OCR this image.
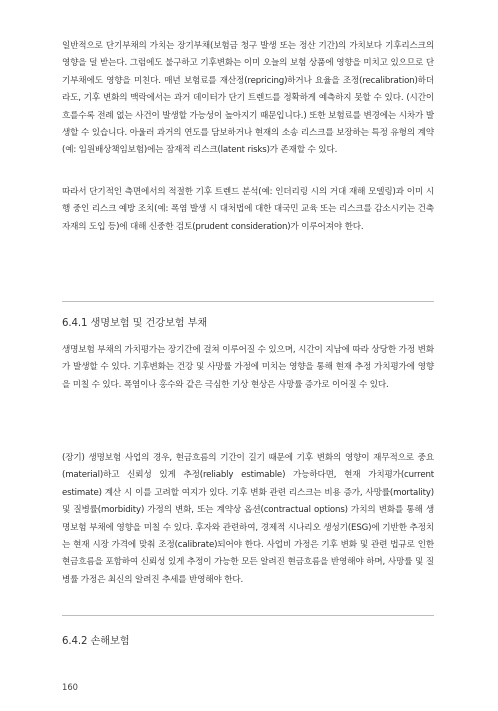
일반적으로 단기부채의 가치는 장기부채(보험금 청구 발생 또는 정산 기간)의 가치보다 기후리스크의 영향을 덜 받는다. 그럼에도 불구하고 기후변화는 이미 오늘의 보험 상품에 영향을 미치고 있으므로 단기부채에도 영향을 미친다. 매년 보험료를 재산정(repricing)하거나 요율을 조정(recalibration)하더라도, 기후 변화의 맥락에서는 과거 데이터가 단기 트렌드를 정확하게 예측하지 못할 수 있다. (시간이 흐를수록 전례 없는 사건이 발생할 가능성이 높아지기 때문입니다.) 또한 보험료를 변경에는 시차가 발생할 수 있습니다. 아울러 과거의 연도를 담보하거나 현재의 소송 리스크를 보장하는 특정 유형의 계약(예: 임원배상책임보험)에는 잠재적 리스크(latent risks)가 존재할 수 있다.

따라서 단기적인 측면에서의 적절한 기후 트렌드 분석(예: 인더리링 시의 거대 재해 모델링)과 이미 시행 중인 리스크 예방 조치(예: 폭염 발생 시 대처법에 대한 대국민 교육 또는 리스크를 감소시키는 건축 자재의 도입 등)에 대해 신중한 검토(prudent consideration)가 이루어져야 한다.

6.4.1 생명보험 및 건강보험 부채

생명보험 부채의 가치평가는 장기간에 걸쳐 이루어질 수 있으며, 시간이 지남에 따라 상당한 가정 변화가 발생할 수 있다. 기후변화는 건강 및 사망률 가정에 미치는 영향을 통해 현재 추정 가치평가에 영향을 미칠 수 있다. 폭염이나 홍수와 같은 극심한 기상 현상은 사망률 증가로 이어질 수 있다.

(장기) 생명보험 사업의 경우, 현금흐름의 기간이 길기 때문에 기후 변화의 영향이 재무적으로 중요(material)하고 신뢰성 있게 추정(reliably estimable) 가능하다면, 현재 가치평가(current estimate) 계산 시 이를 고려할 여지가 있다. 기후 변화 관련 리스크는 비용 증가, 사망률(mortality) 및 질병률(morbidity) 가정의 변화, 또는 계약상 옵션(contractual options) 가치의 변화를 통해 생명보험 부채에 영향을 미칠 수 있다. 후자와 관련하여, 경제적 시나리오 생성기(ESG)에 기반한 추정치는 현재 시장 가격에 맞춰 조정(calibrate)되어야 한다. 사업비 가정은 기후 변화 및 관련 법규로 인한 현금흐름을 포함하여 신뢰성 있게 추정이 가능한 모든 알려진 현금흐름을 반영해야 하며, 사망률 및 질병률 가정은 최신의 알려진 추세를 반영해야 한다.

6.4.2 손해보험

160
